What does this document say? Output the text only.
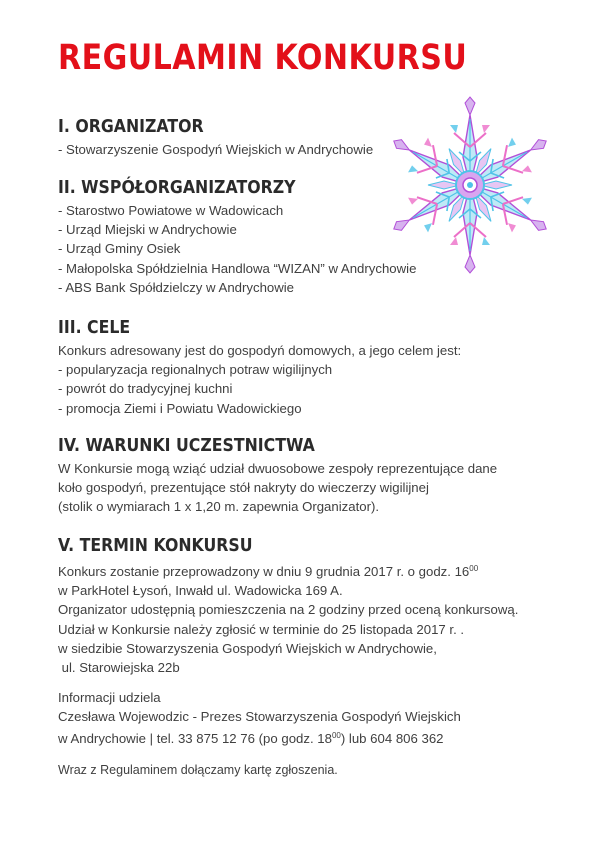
REGULAMIN KONKURSU
I. ORGANIZATOR
- Stowarzyszenie Gospodyń Wiejskich w Andrychowie
II. WSPÓŁORGANIZATORZY
- Starostwo Powiatowe w Wadowicach
- Urząd Miejski w Andrychowie
- Urząd Gminy Osiek
- Małopolska Spółdzielnia Handlowa “WIZAN” w Andrychowie
- ABS Bank Spółdzielczy w Andrychowie
III. CELE
Konkurs adresowany jest do gospodyń domowych, a jego celem jest:
- popularyzacja regionalnych potraw wigilijnych
- powrót do tradycyjnej kuchni
- promocja Ziemi i Powiatu Wadowickiego
IV. WARUNKI UCZESTNICTWA
W Konkursie mogą wziąć udział dwuosobowe zespoły reprezentujące dane
koło gospodyń, prezentujące stół nakryty do wieczerzy wigilijnej
(stolik o wymiarach 1 x 1,20 m. zapewnia Organizator).
V. TERMIN KONKURSU
Konkurs zostanie przeprowadzony w dniu 9 grudnia 2017 r. o godz. $16^{00}$
w ParkHotel Łysoń, Inwałd ul. Wadowicka 169 A.
Organizator udostępnią pomieszczenia na 2 godziny przed oceną konkursową.
Udział w Konkursie należy zgłosić w terminie do 25 listopada 2017 r. .
w siedzibie Stowarzyszenia Gospodyń Wiejskich w Andrychowie,
ul. Starowiejska 22b
Informacji udziela
Czesława Wojewodzic - Prezes Stowarzyszenia Gospodyń Wiejskich
w Andrychowie | tel. 33 875 12 76 (po godz. $18^{00}$) lub 604 806 362
Wraz z Regulaminem dołączamy kartę zgłoszenia.
